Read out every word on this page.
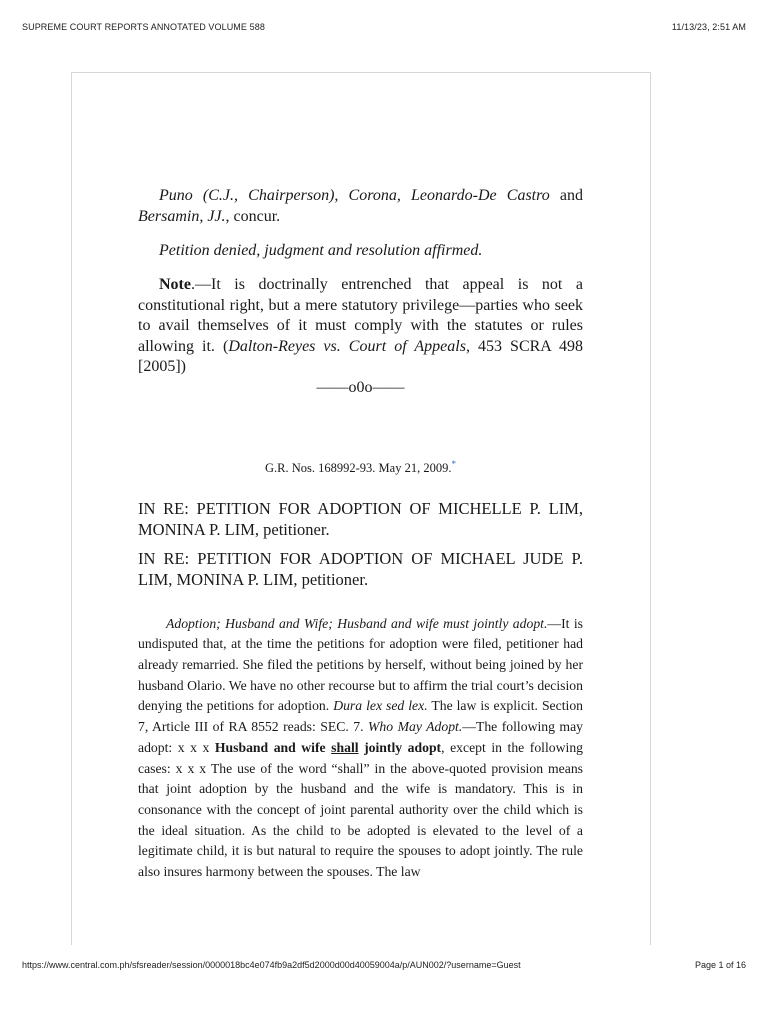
SUPREME COURT REPORTS ANNOTATED VOLUME 588	11/13/23, 2:51 AM

Puno (C.J., Chairperson), Corona, Leonardo-De Castro and Bersamin, JJ., concur.

Petition denied, judgment and resolution affirmed.

Note.—It is doctrinally entrenched that appeal is not a constitutional right, but a mere statutory privilege—parties who seek to avail themselves of it must comply with the statutes or rules allowing it. (Dalton-Reyes vs. Court of Appeals, 453 SCRA 498 [2005])

——o0o——

G.R. Nos. 168992-93. May 21, 2009.*

IN RE: PETITION FOR ADOPTION OF MICHELLE P. LIM, MONINA P. LIM, petitioner.

IN RE: PETITION FOR ADOPTION OF MICHAEL JUDE P. LIM, MONINA P. LIM, petitioner.

Adoption; Husband and Wife; Husband and wife must jointly adopt.—It is undisputed that, at the time the petitions for adoption were filed, petitioner had already remarried. She filed the petitions by herself, without being joined by her husband Olario. We have no other recourse but to affirm the trial court’s decision denying the petitions for adoption. Dura lex sed lex. The law is explicit. Section 7, Article III of RA 8552 reads: SEC. 7. Who May Adopt.—The following may adopt: x x x Husband and wife shall jointly adopt, except in the following cases: x x x The use of the word “shall” in the above-quoted provision means that joint adoption by the husband and the wife is mandatory. This is in consonance with the concept of joint parental authority over the child which is the ideal situation. As the child to be adopted is elevated to the level of a legitimate child, it is but natural to require the spouses to adopt jointly. The rule also insures harmony between the spouses. The law

https://www.central.com.ph/sfsreader/session/0000018bc4e074fb9a2df5d2000d00d40059004a/p/AUN002/?username=Guest	Page 1 of 16
